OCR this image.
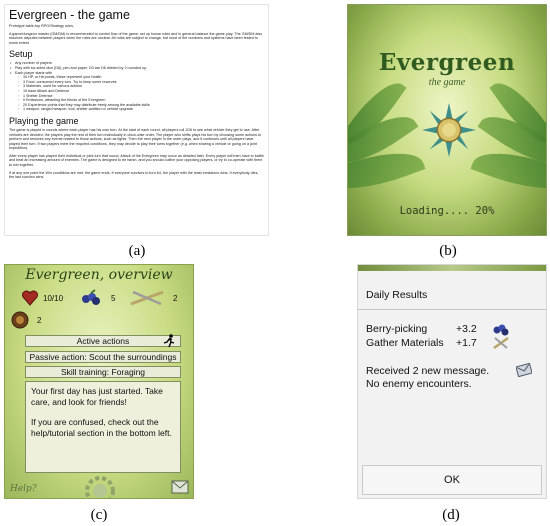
Evergreen - the game

Prototype table-top RPG/Strategy rules.

A game/dungeon master (GM/DM) is recommended to control flow of the game, set up house rules and in general balance the game play. The GM/DM also resolves disputes between players when the rules are unclear. All rules are subject to change, but most of the numbers and systems have been tested to some extent

Setup
• Any number of players
• Play with six-sided dice (D6), pen and paper. D3 are D6 divided by 2 rounded up.
• Each player starts with
◦ 10 HP, or Hit points, these represent your health
◦ 3 Food, consumed every turn. Try to keep some reserves
◦ 3 Materials, used for various actions
◦ 10 base Attack and Defense
◦ 1 Shelter Defense
◦ 0 Emissions, attracting the fiends of the Evergreen
◦ 20 Experience points that they may distribute freely among the available skills
◦ 1 weapon, ranged weapon, tool, shelter addition or vehicle upgrade
Playing the game

The game is played in rounds where each player has his own turn. At the start of each round, all players roll 1D6 to see what vehicle they get to use. After vehicles are decided, the players play the rest of their turn individually in clock-wise order. The player who shifts plays his turn by choosing some actions to perform and resolves any events related to those actions, such as fights. Then the next player in the order plays, and it continues until all players have played their turn. If two players meet the required conditions, they may decide to play their turns together (e.g. when sharing a vehicle or going on a joint expedition).

After every player has played their individual or joint turn that round, Attack of the Evergreen may occur as detailed later. Every player will then have to battle and beat an increasing amount of enemies. The game is designed to be harsh, and you should outlive your opposing players, or try to co-operate with them to win together.

If at any one point the Win conditions are met, the game ends. If everyone survives to turn 64, the player with the least emissions wins. If everybody dies, the last survivor wins.

(a)
Evergreen
the game
Loading.... 20%
(b)
Evergreen, overview
10/10	5	2
2
Active actions
Passive action: Scout the surroundings
Skill training: Foraging

Your first day has just started. Take care, and look for friends!

If you are confused, check out the help/tutorial section in the bottom left.

Help?
(c)
Daily Results
Berry-picking	+3.2
Gather Materials +1.7
Received 2 new message.
No enemy encounters.
OK
(d)
